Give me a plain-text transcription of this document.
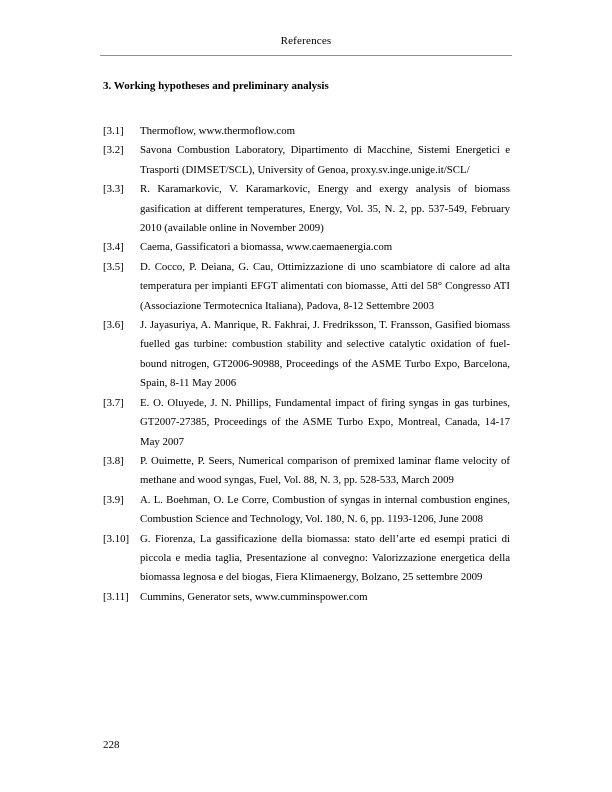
References
3. Working hypotheses and preliminary analysis
[3.1]	Thermoflow, www.thermoflow.com
[3.2]	Savona Combustion Laboratory, Dipartimento di Macchine, Sistemi Energetici e Trasporti (DIMSET/SCL), University of Genoa, proxy.sv.inge.unige.it/SCL/
[3.3]	R. Karamarkovic, V. Karamarkovic, Energy and exergy analysis of biomass gasification at different temperatures, Energy, Vol. 35, N. 2, pp. 537-549, February 2010 (available online in November 2009)
[3.4]	Caema, Gassificatori a biomassa, www.caemaenergia.com
[3.5]	D. Cocco, P. Deiana, G. Cau, Ottimizzazione di uno scambiatore di calore ad alta temperatura per impianti EFGT alimentati con biomasse, Atti del 58° Congresso ATI (Associazione Termotecnica Italiana), Padova, 8-12 Settembre 2003
[3.6]	J. Jayasuriya, A. Manrique, R. Fakhrai, J. Fredriksson, T. Fransson, Gasified biomass fuelled gas turbine: combustion stability and selective catalytic oxidation of fuel-bound nitrogen, GT2006-90988, Proceedings of the ASME Turbo Expo, Barcelona, Spain, 8-11 May 2006
[3.7]	E. O. Oluyede, J. N. Phillips, Fundamental impact of firing syngas in gas turbines, GT2007-27385, Proceedings of the ASME Turbo Expo, Montreal, Canada, 14-17 May 2007
[3.8]	P. Ouimette, P. Seers, Numerical comparison of premixed laminar flame velocity of methane and wood syngas, Fuel, Vol. 88, N. 3, pp. 528-533, March 2009
[3.9]	A. L. Boehman, O. Le Corre, Combustion of syngas in internal combustion engines, Combustion Science and Technology, Vol. 180, N. 6, pp. 1193-1206, June 2008
[3.10]	G. Fiorenza, La gassificazione della biomassa: stato dell’arte ed esempi pratici di piccola e media taglia, Presentazione al convegno: Valorizzazione energetica della biomassa legnosa e del biogas, Fiera Klimaenergy, Bolzano, 25 settembre 2009
[3.11]	Cummins, Generator sets, www.cumminspower.com
228
